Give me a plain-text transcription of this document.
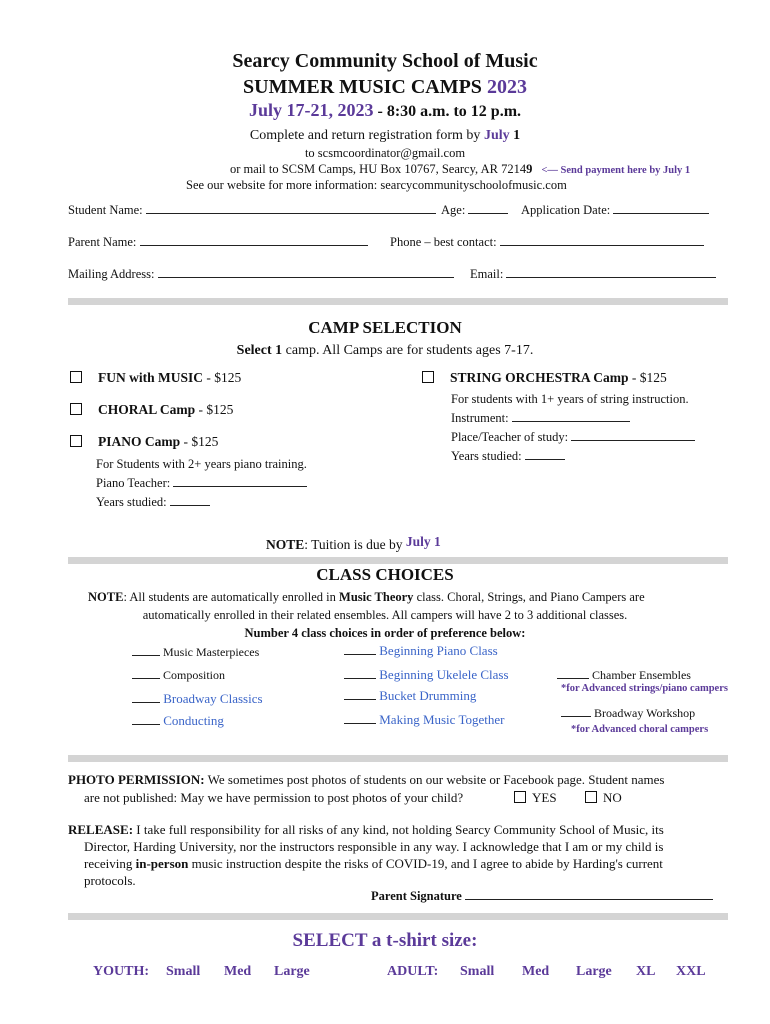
Searcy Community School of Music
SUMMER MUSIC CAMPS 2023
July 17-21, 2023 - 8:30 a.m. to 12 p.m.
Complete and return registration form by July 1
to scsmcoordinator@gmail.com
or mail to SCSM Camps, HU Box 10767, Searcy, AR 72149 <— Send payment here by July 1
See our website for more information: searcycommunityschoolofmusic.com
Student Name:	Age:	Application Date:
Parent Name:	Phone – best contact:
Mailing Address:	Email:
CAMP SELECTION
Select 1 camp. All Camps are for students ages 7-17.
FUN with MUSIC - $125
CHORAL Camp - $125
PIANO Camp - $125
For Students with 2+ years piano training.
Piano Teacher:
Years studied:
STRING ORCHESTRA Camp - $125
For students with 1+ years of string instruction.
Instrument:
Place/Teacher of study:
Years studied:
NOTE: Tuition is due by July 1
CLASS CHOICES
NOTE: All students are automatically enrolled in Music Theory class. Choral, Strings, and Piano Campers are
automatically enrolled in their related ensembles. All campers will have 2 to 3 additional classes.
Number 4 class choices in order of preference below:
Music Masterpieces
Composition
Broadway Classics
Conducting
Beginning Piano Class
Beginning Ukelele Class
Bucket Drumming
Making Music Together
Chamber Ensembles
*for Advanced strings/piano campers
Broadway Workshop
*for Advanced choral campers
PHOTO PERMISSION: We sometimes post photos of students on our website or Facebook page. Student names
are not published: May we have permission to post photos of your child?	YES	NO
RELEASE: I take full responsibility for all risks of any kind, not holding Searcy Community School of Music, its
Director, Harding University, nor the instructors responsible in any way. I acknowledge that I am or my child is
receiving in-person music instruction despite the risks of COVID-19, and I agree to abide by Harding's current
protocols.
Parent Signature
SELECT a t-shirt size:
YOUTH: Small Med Large	ADULT: Small Med Large XL XXL
